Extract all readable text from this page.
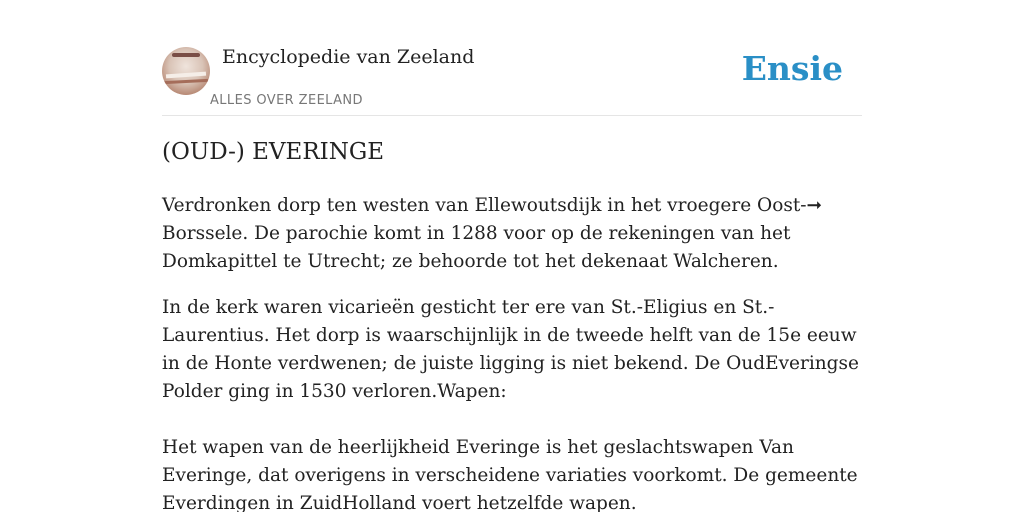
Encyclopedie van Zeeland
ALLES OVER ZEELAND
Ensie
(OUD-) EVERINGE

Verdronken dorp ten westen van Ellewoutsdijk in het vroegere Oost-➞ Borssele. De parochie komt in 1288 voor op de rekeningen van het Domkapittel te Utrecht; ze behoorde tot het dekenaat Walcheren.

In de kerk waren vicarieën gesticht ter ere van St.-Eligius en St.-Laurentius. Het dorp is waarschijnlijk in de tweede helft van de 15e eeuw in de Honte verdwenen; de juiste ligging is niet bekend. De OudEveringse Polder ging in 1530 verloren.Wapen:

Het wapen van de heerlijkheid Everinge is het geslachtswapen Van Everinge, dat overigens in verscheidene variaties voorkomt. De gemeente Everdingen in ZuidHolland voert hetzelfde wapen.
